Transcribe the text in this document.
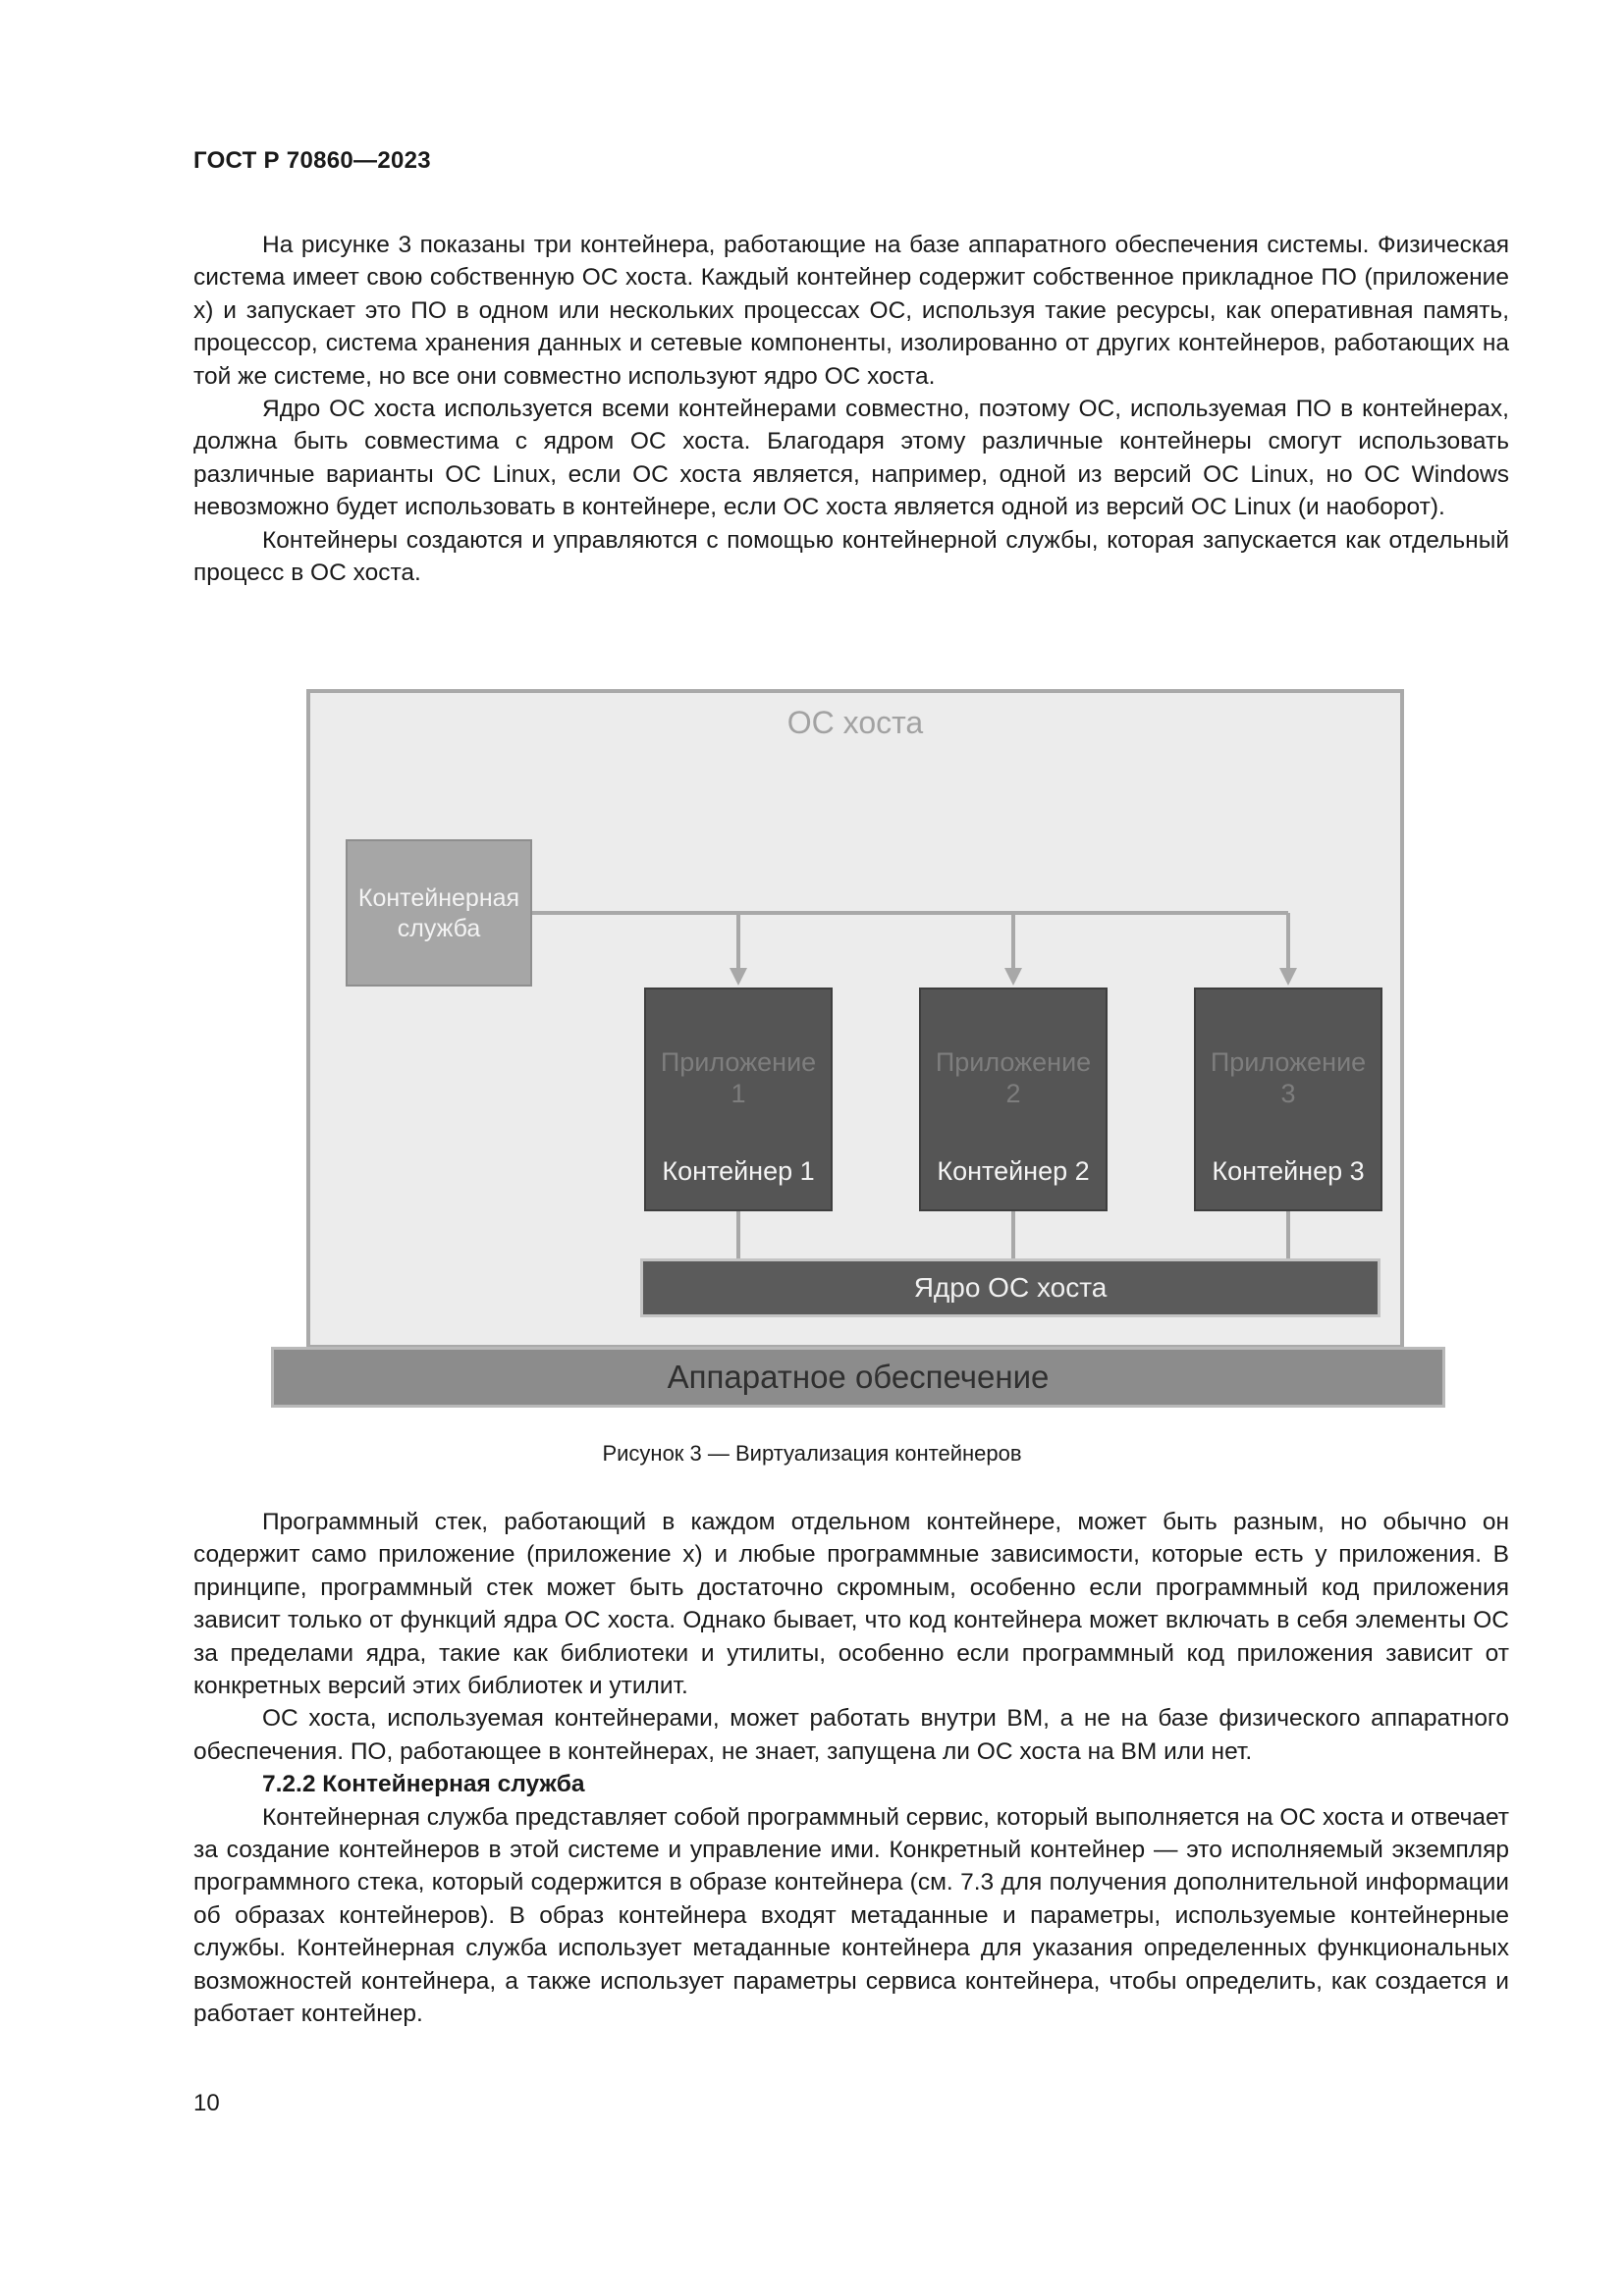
ГОСТ Р 70860—2023

На рисунке 3 показаны три контейнера, работающие на базе аппаратного обеспечения системы. Физическая система имеет свою собственную ОС хоста. Каждый контейнер содержит собственное прикладное ПО (приложение х) и запускает это ПО в одном или нескольких процессах ОС, используя такие ресурсы, как оперативная память, процессор, система хранения данных и сетевые компоненты, изолированно от других контейнеров, работающих на той же системе, но все они совместно используют ядро ОС хоста.

Ядро ОС хоста используется всеми контейнерами совместно, поэтому ОС, используемая ПО в контейнерах, должна быть совместима с ядром ОС хоста. Благодаря этому различные контейнеры смогут использовать различные варианты ОС Linux, если ОС хоста является, например, одной из версий ОС Linux, но ОС Windows невозможно будет использовать в контейнере, если ОС хоста является одной из версий ОС Linux (и наоборот).

Контейнеры создаются и управляются с помощью контейнерной службы, которая запускается как отдельный процесс в ОС хоста.

ОС хоста
Контейнерная
служба
Приложение
1
Контейнер 1
Приложение
2
Контейнер 2
Приложение
3
Контейнер 3
Ядро ОС хоста
Аппаратное обеспечение
Рисунок 3 — Виртуализация контейнеров

Программный стек, работающий в каждом отдельном контейнере, может быть разным, но обычно он содержит само приложение (приложение х) и любые программные зависимости, которые есть у приложения. В принципе, программный стек может быть достаточно скромным, особенно если программный код приложения зависит только от функций ядра ОС хоста. Однако бывает, что код контейнера может включать в себя элементы ОС за пределами ядра, такие как библиотеки и утилиты, особенно если программный код приложения зависит от конкретных версий этих библиотек и утилит.

ОС хоста, используемая контейнерами, может работать внутри ВМ, а не на базе физического аппаратного обеспечения. ПО, работающее в контейнерах, не знает, запущена ли ОС хоста на ВМ или нет.

7.2.2 Контейнерная служба

Контейнерная служба представляет собой программный сервис, который выполняется на ОС хоста и отвечает за создание контейнеров в этой системе и управление ими. Конкретный контейнер — это исполняемый экземпляр программного стека, который содержится в образе контейнера (см. 7.3 для получения дополнительной информации об образах контейнеров). В образ контейнера входят метаданные и параметры, используемые контейнерные службы. Контейнерная служба использует метаданные контейнера для указания определенных функциональных возможностей контейнера, а также использует параметры сервиса контейнера, чтобы определить, как создается и работает контейнер.

10
